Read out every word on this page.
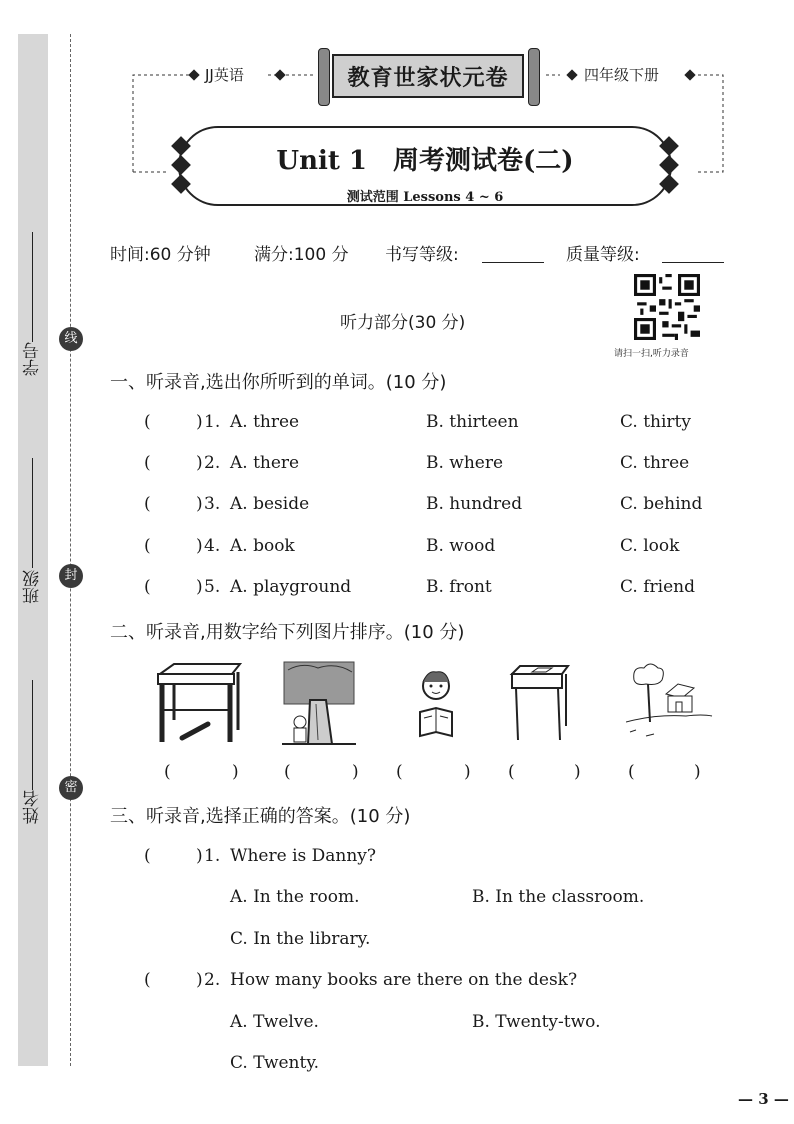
学号
班级
姓名
线
封
密
JJ英语	四年级下册
教育世家状元卷
Unit 1　周考测试卷(二)
测试范围 Lessons 4 ~ 6
时间:60 分钟	满分:100 分 书写等级:	质量等级:
听力部分(30 分)
请扫一扫,听力录音
一、听录音,选出你所听到的单词。(10 分)
(	) 1. A. three	B. thirteen	C. thirty
(	) 2. A. there	B. where	C. three
(	) 3. A. beside	B. hundred	C. behind
(	) 4. A. book	B. wood	C. look
(	) 5. A. playground	B. front	C. friend
二、听录音,用数字给下列图片排序。(10 分)
(	)	(	) (	) (	)	(	)
三、听录音,选择正确的答案。(10 分)
(	) 1. Where is Danny?
A. In the room.	B. In the classroom.
C. In the library.
(	) 2. How many books are there on the desk?
A. Twelve.	B. Twenty-two.
C. Twenty.
— 3 —
